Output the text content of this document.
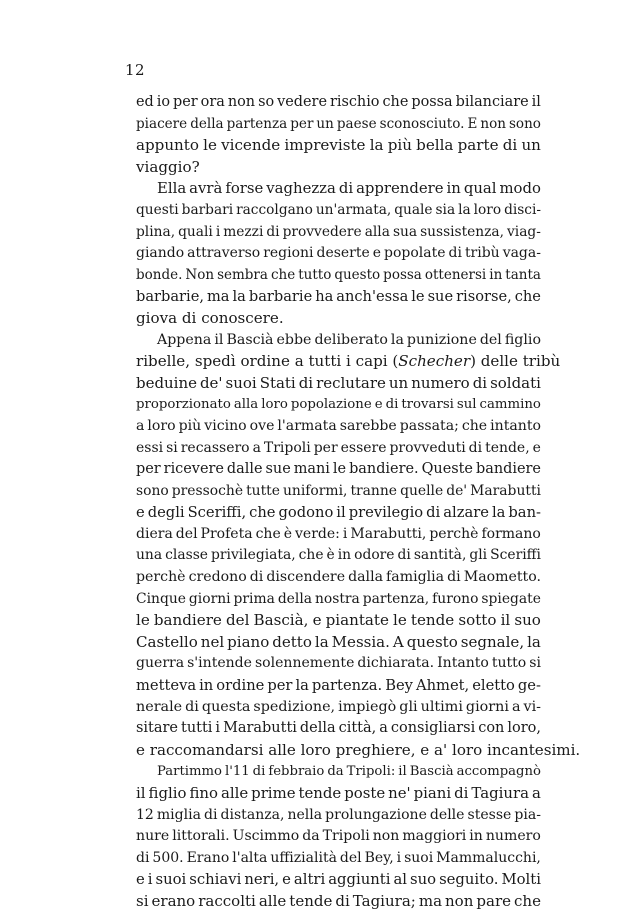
12
ed io per ora non so vedere rischio che possa bilanciare il
piacere della partenza per un paese sconosciuto. E non sono
appunto le vicende impreviste la più bella parte di un
viaggio?
Ella avrà forse vaghezza di apprendere in qual modo
questi barbari raccolgano un'armata, quale sia la loro disci-
plina, quali i mezzi di provvedere alla sua sussistenza, viag-
giando attraverso regioni deserte e popolate di tribù vaga-
bonde. Non sembra che tutto questo possa ottenersi in tanta
barbarie, ma la barbarie ha anch'essa le sue risorse, che
giova di conoscere.
Appena il Bascià ebbe deliberato la punizione del figlio
ribelle, spedì ordine a tutti i capi ( Schecher ) delle tribù
beduine de' suoi Stati di reclutare un numero di soldati
proporzionato alla loro popolazione e di trovarsi sul cammino
a loro più vicino ove l'armata sarebbe passata; che intanto
essi si recassero a Tripoli per essere provveduti di tende, e
per ricevere dalle sue mani le bandiere. Queste bandiere
sono pressochè tutte uniformi, tranne quelle de' Marabutti
e degli Sceriffi, che godono il previlegio di alzare la ban-
diera del Profeta che è verde: i Marabutti, perchè formano
una classe privilegiata, che è in odore di santità, gli Sceriffi
perchè credono di discendere dalla famiglia di Maometto.
Cinque giorni prima della nostra partenza, furono spiegate
le bandiere del Bascià, e piantate le tende sotto il suo
Castello nel piano detto la Messia. A questo segnale, la
guerra s'intende solennemente dichiarata. Intanto tutto si
metteva in ordine per la partenza. Bey Ahmet, eletto ge-
nerale di questa spedizione, impiegò gli ultimi giorni a vi-
sitare tutti i Marabutti della città, a consigliarsi con loro,
e raccomandarsi alle loro preghiere, e a' loro incantesimi.
Partimmo l'11 di febbraio da Tripoli: il Bascià accompagnò
il figlio fino alle prime tende poste ne' piani di Tagiura a
12 miglia di distanza, nella prolungazione delle stesse pia-
nure littorali. Uscimmo da Tripoli non maggiori in numero
di 500. Erano l'alta uffizialità del Bey, i suoi Mammalucchi,
e i suoi schiavi neri, e altri aggiunti al suo seguito. Molti
si erano raccolti alle tende di Tagiura; ma non pare che
